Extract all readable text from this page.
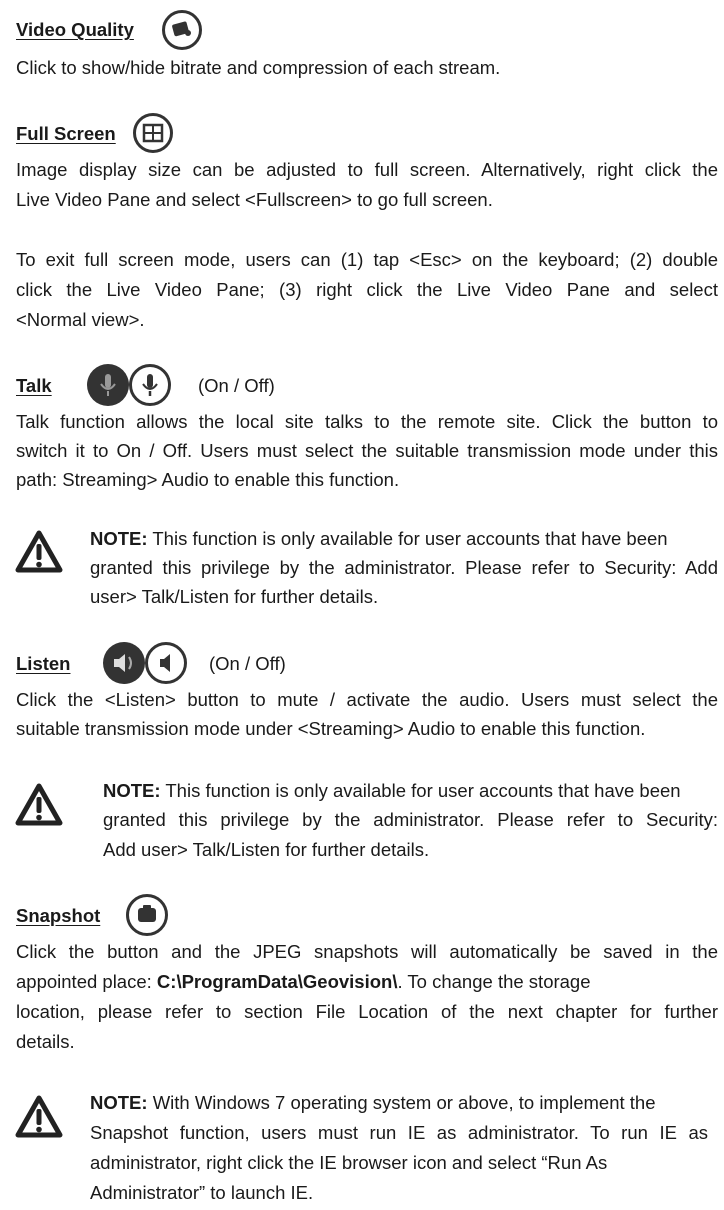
Video Quality
Click to show/hide bitrate and compression of each stream.
Full Screen
Image display size can be adjusted to full screen. Alternatively, right click the
Live Video Pane and select <Fullscreen> to go full screen.
To exit full screen mode, users can (1) tap <Esc> on the keyboard; (2) double
click the Live Video Pane; (3) right click the Live Video Pane and select
<Normal view>.
Talk	(On / Off)
Talk function allows the local site talks to the remote site. Click the button to
switch it to On / Off. Users must select the suitable transmission mode under this
path: Streaming> Audio to enable this function.
NOTE: This function is only available for user accounts that have been
granted this privilege by the administrator. Please refer to Security: Add
user> Talk/Listen for further details.
Listen	(On / Off)
Click the <Listen> button to mute / activate the audio. Users must select the
suitable transmission mode under <Streaming> Audio to enable this function.
NOTE: This function is only available for user accounts that have been
granted this privilege by the administrator. Please refer to Security:
Add user> Talk/Listen for further details.
Snapshot
Click the button and the JPEG snapshots will automatically be saved in the
appointed place: C:\ProgramData\Geovision\. To change the storage
location, please refer to section File Location of the next chapter for further
details.
NOTE: With Windows 7 operating system or above, to implement the
Snapshot function, users must run IE as administrator. To run IE as
administrator, right click the IE browser icon and select “Run As
Administrator” to launch IE.
